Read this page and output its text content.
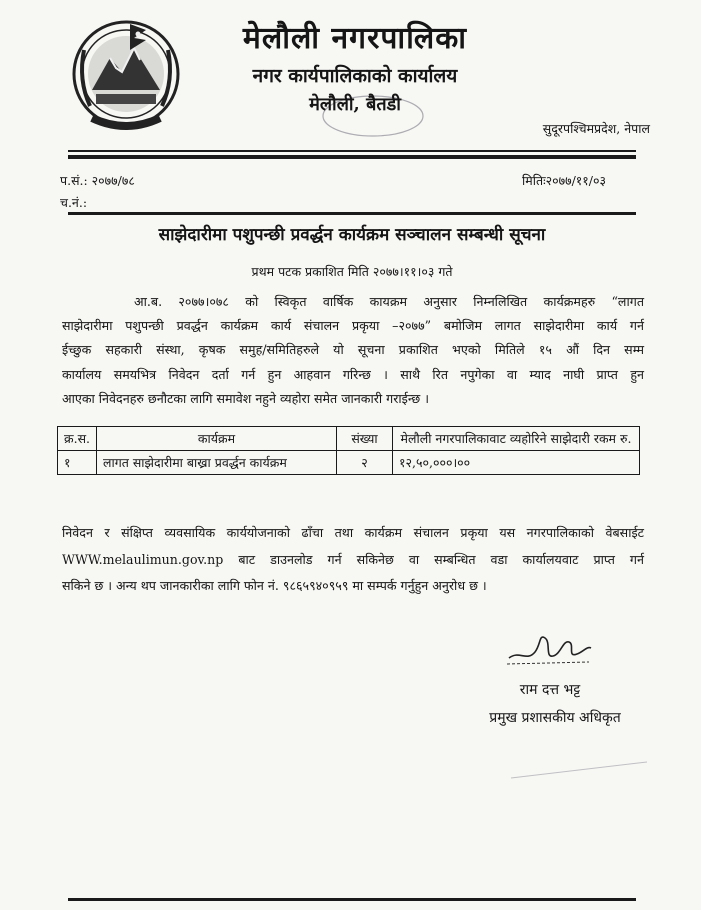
मेलौली नगरपालिका
नगर कार्यपालिकाको कार्यालय
मेलौली, बैतडी
सुदूरपश्चिमप्रदेश, नेपाल
प.सं.: २०७७/७८
च.नं.:
मितिः२०७७/११/०३
साझेदारीमा पशुपन्छी प्रवर्द्धन कार्यक्रम सञ्चालन सम्बन्धी सूचना
प्रथम पटक प्रकाशित मिति २०७७।११।०३ गते
आ.ब. २०७७।०७८ को स्विकृत वार्षिक कायक्रम अनुसार निम्नलिखित कार्यक्रमहरु “लागत
साझेदारीमा पशुपन्छी प्रवर्द्धन कार्यक्रम कार्य संचालन प्रकृया –२०७७” बमोजिम लागत साझेदारीमा कार्य गर्न
ईच्छुक सहकारी संस्था, कृषक समुह/समितिहरुले यो सूचना प्रकाशित भएको मितिले १५ औं दिन सम्म
कार्यालय समयभित्र निवेदन दर्ता गर्न हुन आहवान गरिन्छ । साथै रित नपुगेका वा म्याद नाघी प्राप्त हुन
आएका निवेदनहरु छनौटका लागि समावेश नहुने व्यहोरा समेत जानकारी गराईन्छ ।
क्र.स.	कार्यक्रम	संख्या	मेलौली नगरपालिकावाट व्यहोरिने साझेदारी रकम रु.
१	लागत साझेदारीमा बाख्रा प्रवर्द्धन कार्यक्रम	२	१२,५०,०००।००
निवेदन र संक्षिप्त व्यवसायिक कार्ययोजनाको ढाँचा तथा कार्यक्रम संचालन प्रकृया यस नगरपालिकाको वेबसाईट
WWW.melaulimun.gov.np बाट डाउनलोड गर्न सकिनेछ वा सम्बन्धित वडा कार्यालयवाट प्राप्त गर्न
सकिने छ । अन्य थप जानकारीका लागि फोन नं. ९८६५९४०९५९ मा सम्पर्क गर्नुहुन अनुरोध छ ।
राम दत्त भट्ट
प्रमुख प्रशासकीय अधिकृत
